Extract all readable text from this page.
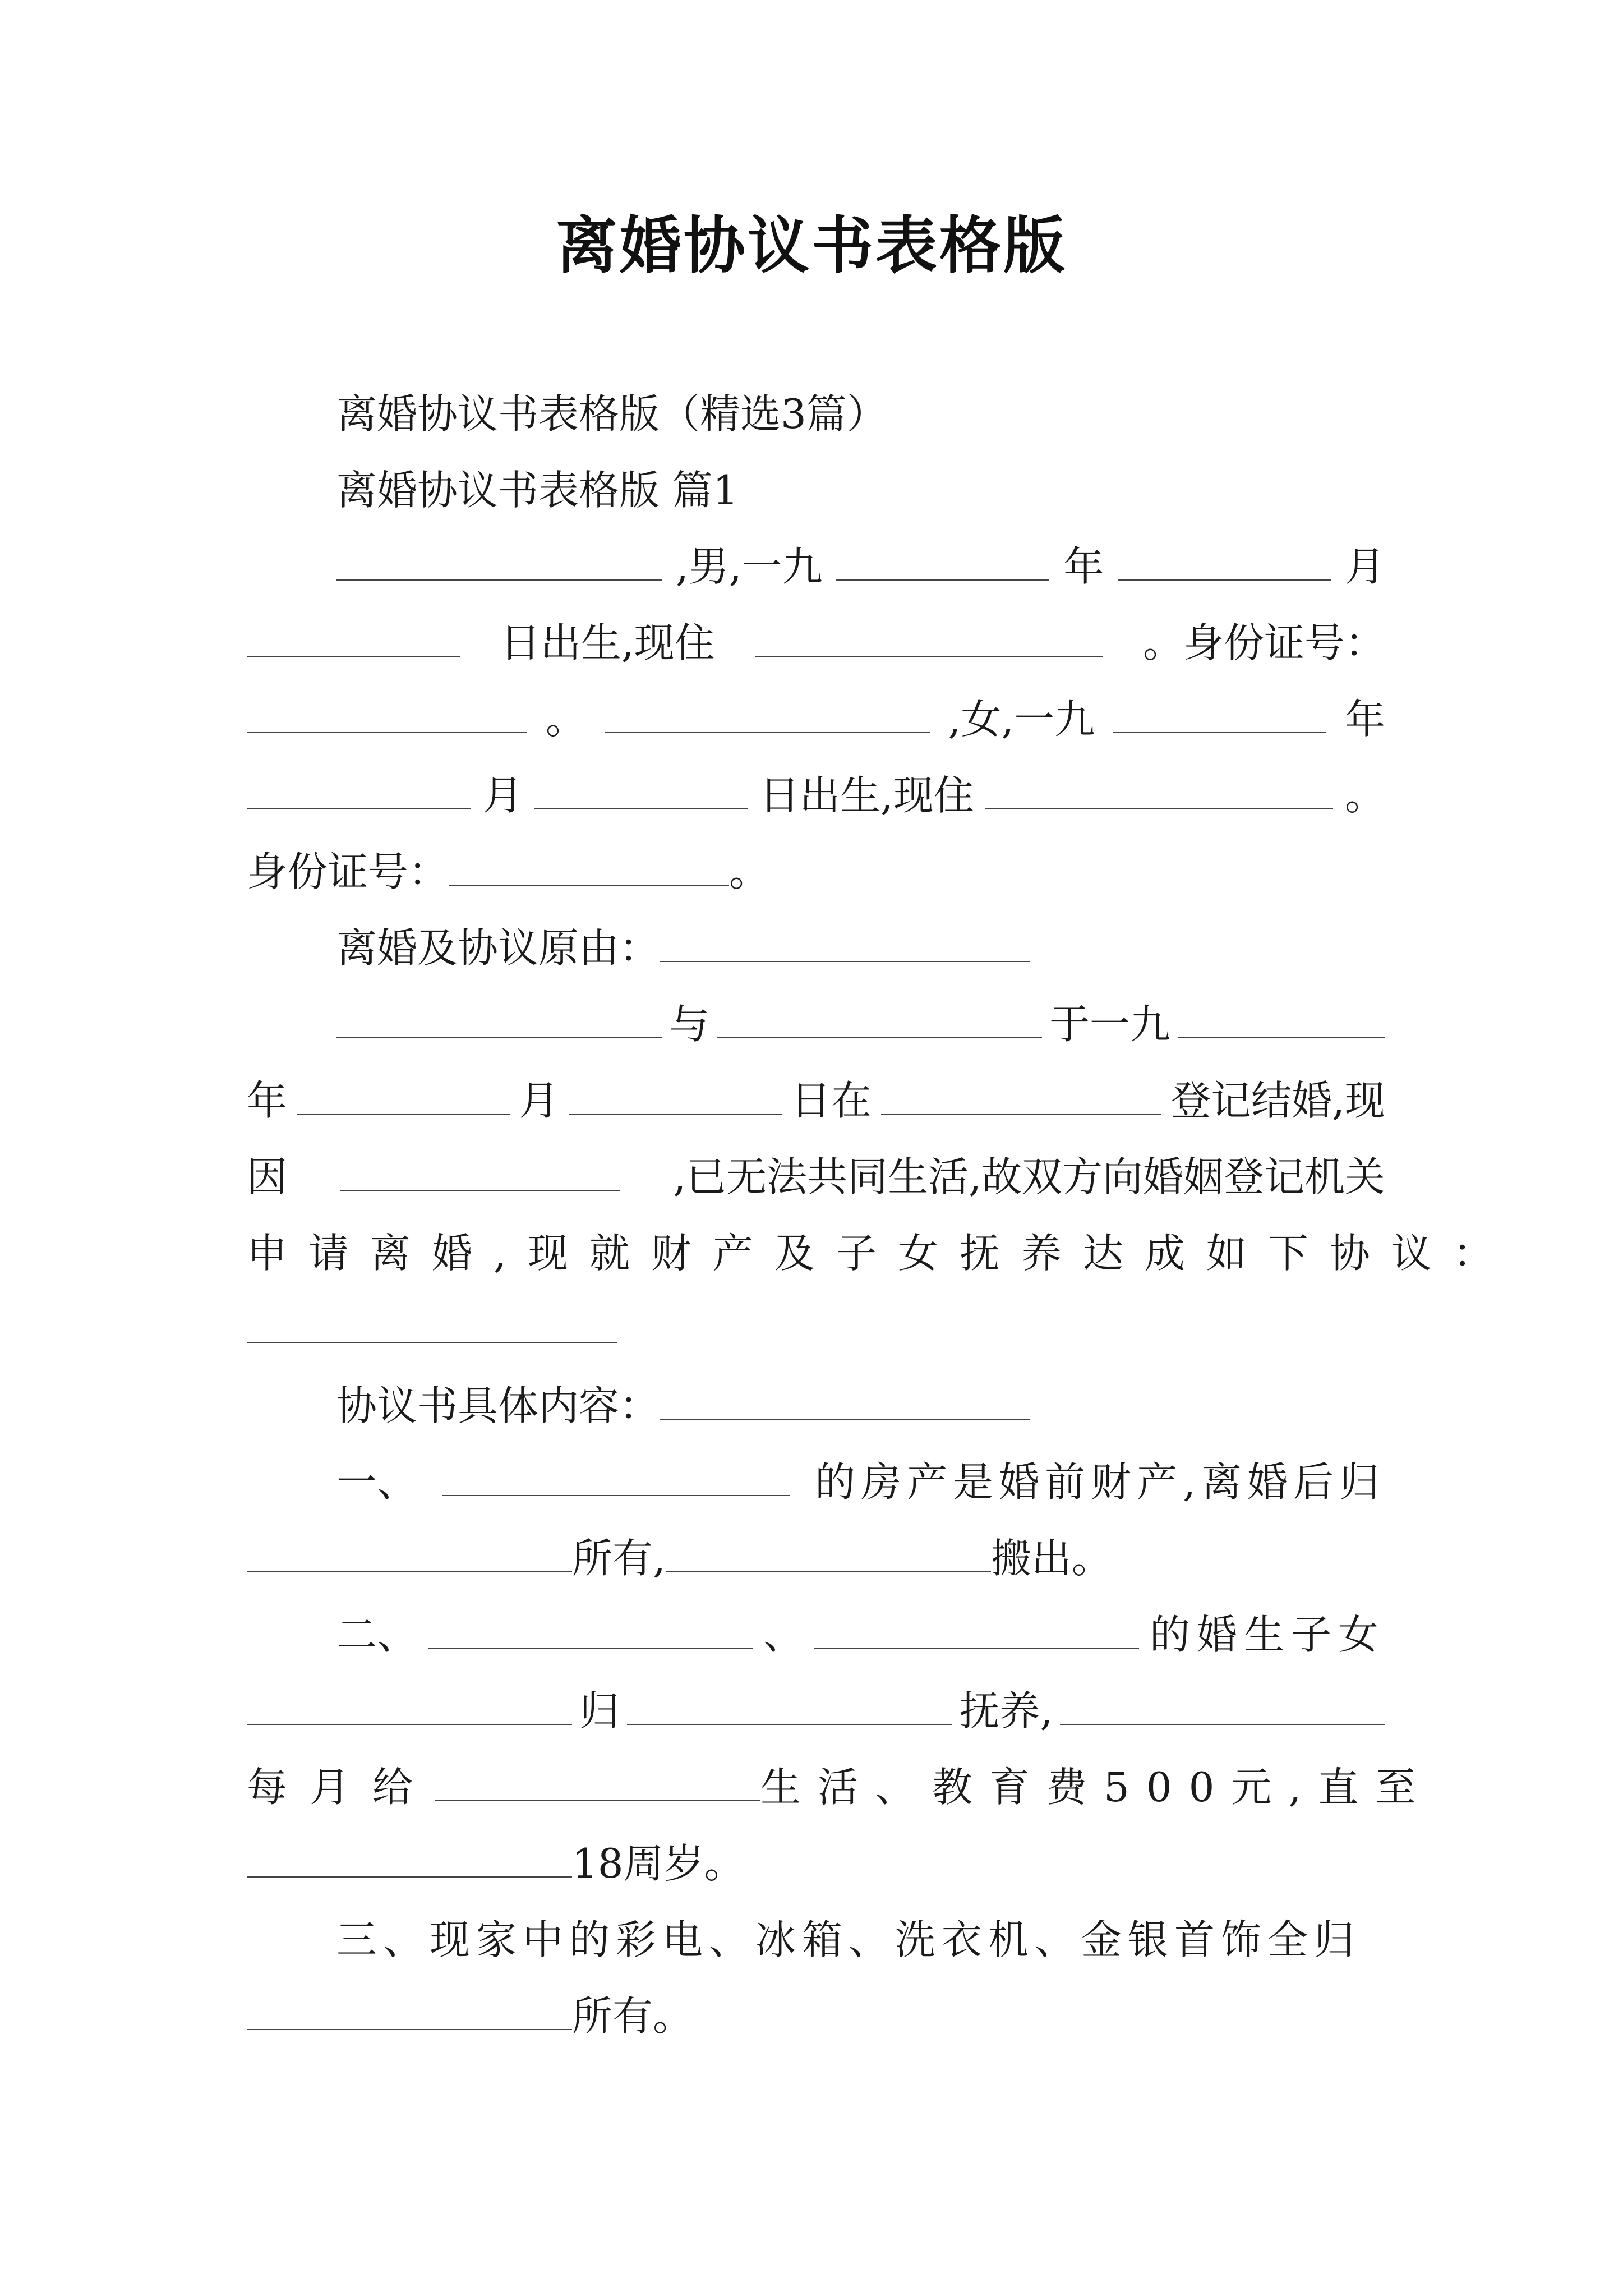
离婚协议书表格版
离婚协议书表格版（精选3篇）
离婚协议书表格版 篇1
,男,一九	年	月
日出生,现住	。身份证号：
。	,女,一九	年
月	日出生,现住	。
身份证号：	。
离婚及协议原由：
与	于一九
年	月	日在	登记结婚,现
因	,已无法共同生活,故双方向婚姻登记机关
申请离婚,现就财产及子女抚养达成如下协议：
协议书具体内容：
一、	的房产是婚前财产,离婚后归
所有,	搬出。
二、	、	的婚生子女
归	抚养,
每月给	生活、教育费500元,直至
18周岁。
三、现家中的彩电、冰箱、洗衣机、金银首饰全归
所有。
